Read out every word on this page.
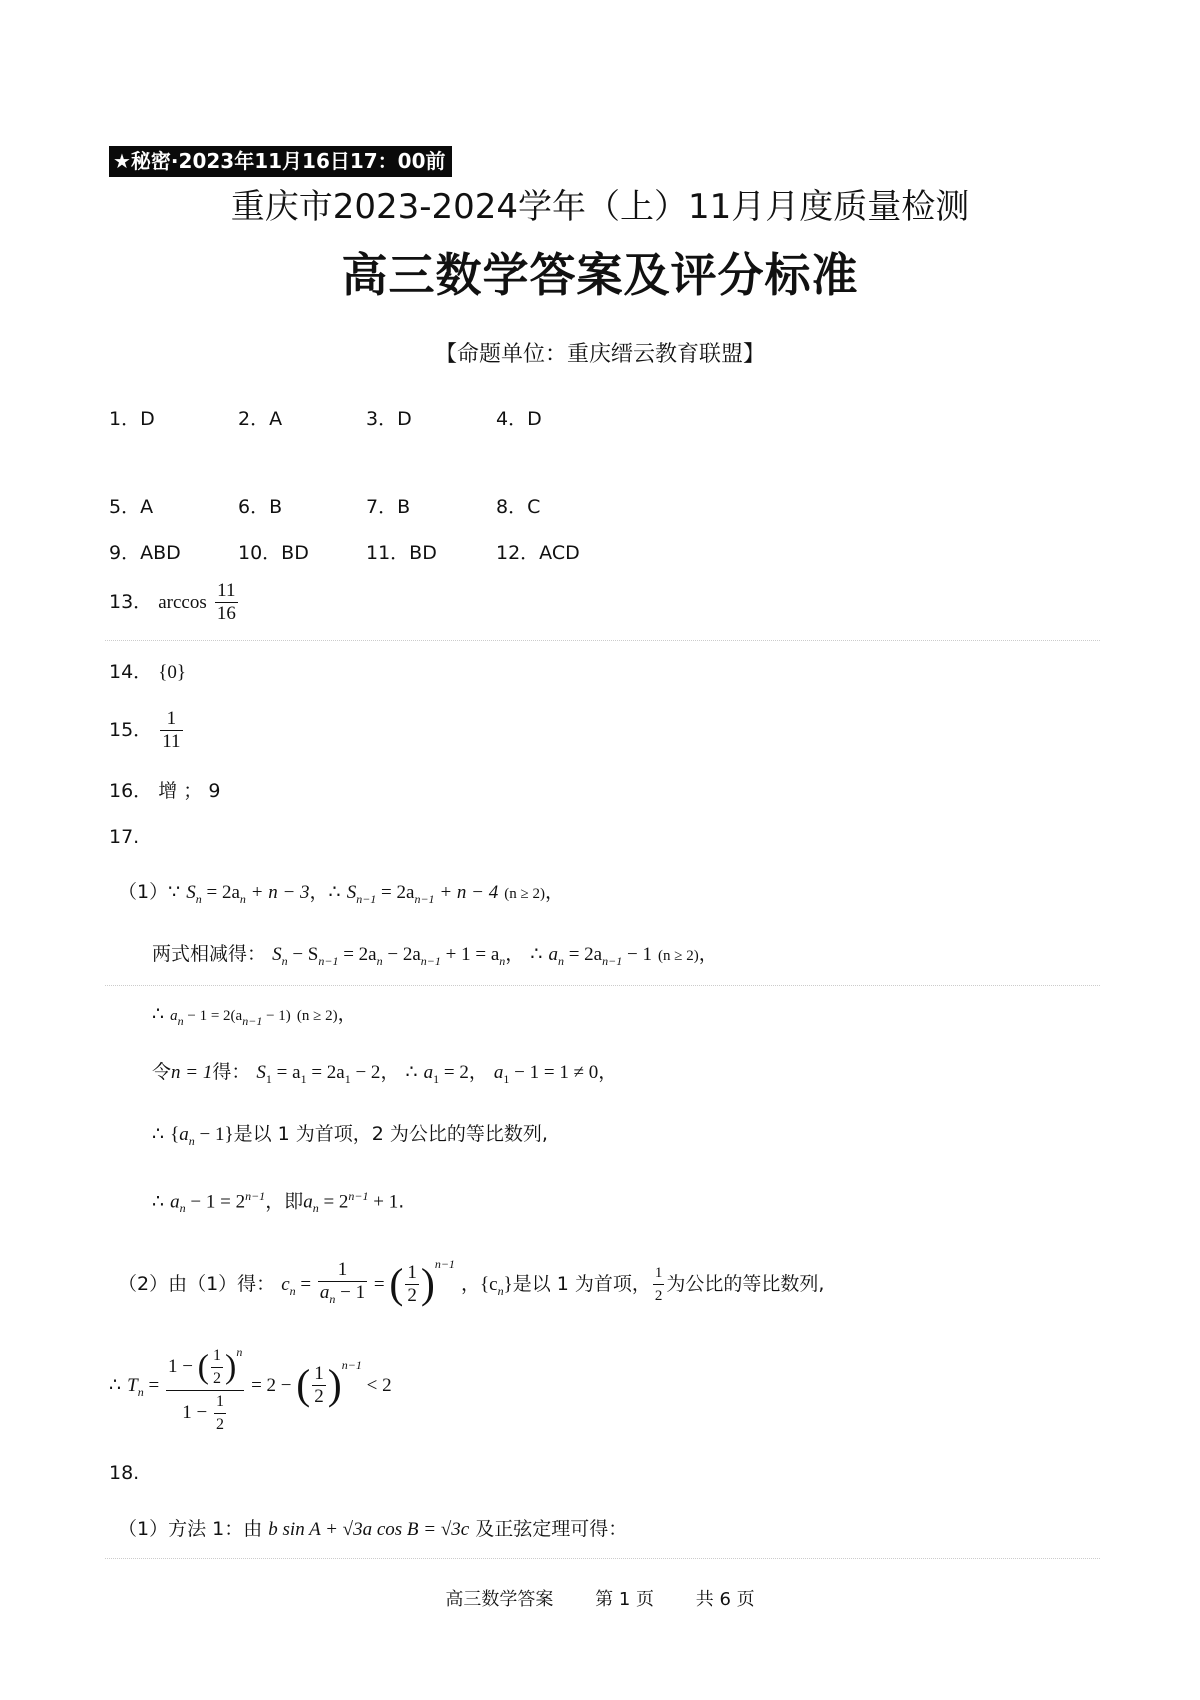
★秘密·2023年11月16日17：00前
重庆市2023-2024学年（上）11月月度质量检测
高三数学答案及评分标准
【命题单位：重庆缙云教育联盟】
1．D	2．A	3．D	4．D
5．A	6．B	7．B	8．C
9．ABD	10．BD	11．BD	12．ACD
13． $\arccos \frac{11}{16}$
14． {0}
15． $\frac{1}{11}$
16． 增 ； 9
17.
（1）∵ $S_n = 2a_n + n - 3$，∴ $S_{n-1} = 2a_{n-1} + n - 4$ (n ≥ 2)，
两式相减得： $S_n - S_{n-1} = 2a_n - 2a_{n-1} + 1 = a_n$， ∴ $a_n = 2a_{n-1} - 1$ (n ≥ 2)，
∴ $a_n - 1 = 2(a_{n-1} - 1) (n \ge 2)$，
令n = 1得： $S_1 = a_1 = 2a_1 - 2$， ∴ $a_1 = 2$， $a_1 - 1 = 1 \ne 0$，
∴ $\{a_n - 1\}$是以 1 为首项，2 为公比的等比数列,
∴ $a_n - 1 = 2^{n-1}$，即$a_n = 2^{n-1} + 1$.
（2）由（1）得： $c_n = \frac{1}{a_n - 1}$ = ( $\frac{1}{2} )^{n-1}$ ，$\{c_n\}$是以 1 为首项， $\frac{1}{2}$ 为公比的等比数列,
∴ $T_n = \frac{1 - ( \frac{1}{2} )^n}{1 - \frac{1}{2}} = 2$ − ( $\frac{1}{2} )^{n-1} < 2$
18.
（1）方法 1：由 b sin A + √3a cos B = √3c 及正弦定理可得：
高三数学答案 第 1 页 共 6 页
